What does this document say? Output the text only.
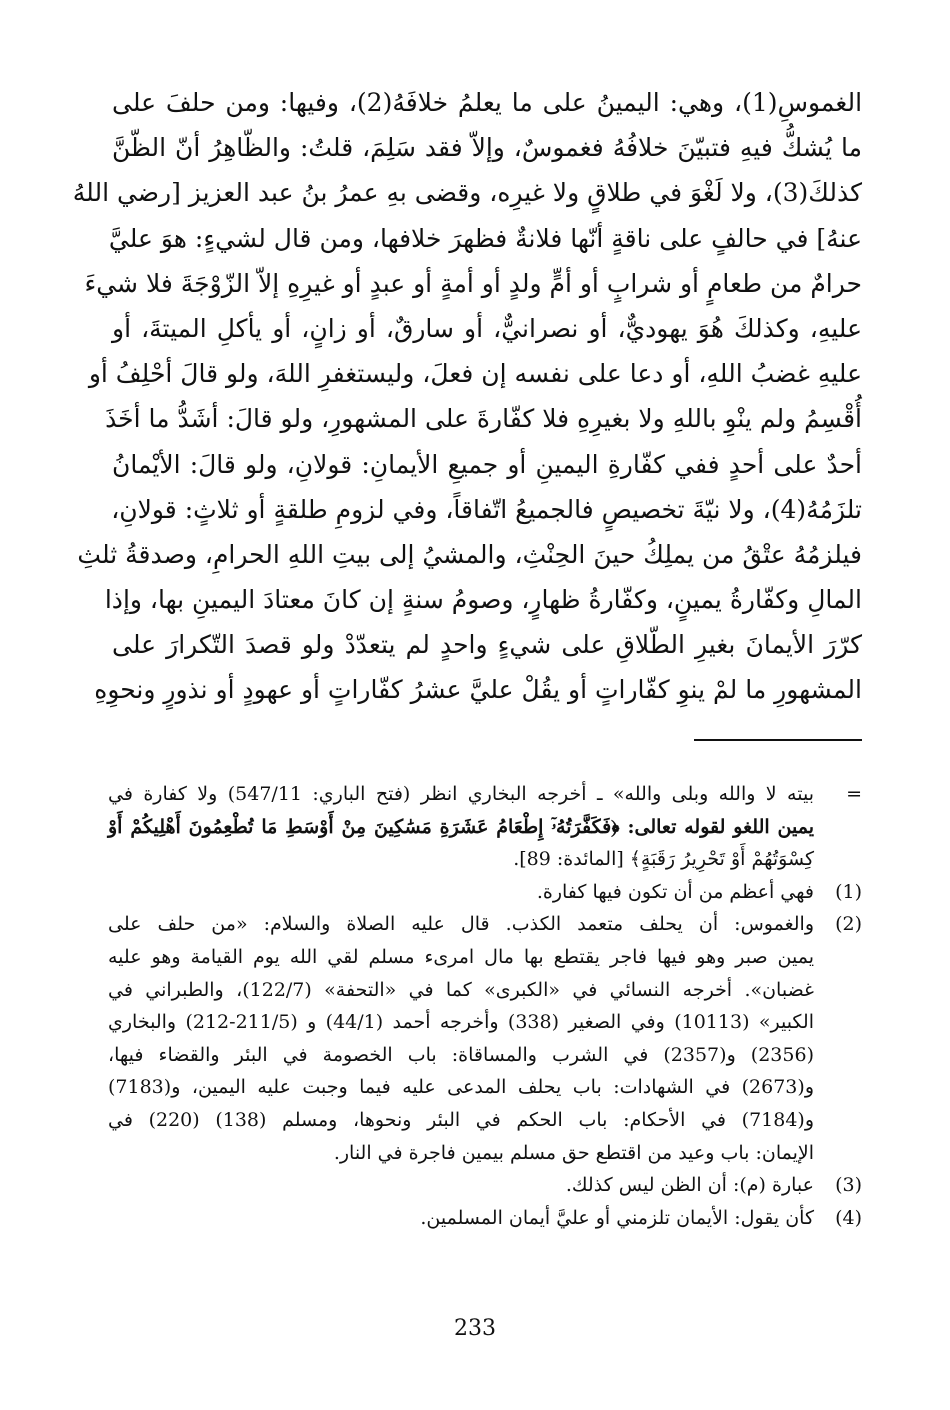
الغموسِ(1)، وهي: اليمينُ على ما يعلمُ خلافَهُ(2)، وفيها: ومن حلفَ على
ما يُشكُّ فيهِ فتبيّنَ خلافُهُ فغموسٌ، وإلاّ فقد سَلِمَ، قلتُ: والظّاهِرُ أنّ الظّنَّ
كذلكَ(3)، ولا لَغْوَ في طلاقٍ ولا غيرِه، وقضى بهِ عمرُ بنُ عبد العزيز [رضي اللهُ
عنهُ] في حالفٍ على ناقةٍ أنّها فلانةٌ فظهرَ خلافها، ومن قال لشيءٍ: هوَ عليَّ
حرامٌ من طعامٍ أو شرابٍ أو أمٍّ ولدٍ أو أمةٍ أو عبدٍ أو غيرِهِ إلاّ الزّوْجَةَ فلا شيءَ
عليهِ، وكذلكَ هُوَ يهوديٌّ، أو نصرانيٌّ، أو سارقٌ، أو زانٍ، أو يأكلِ الميتةَ، أو
عليهِ غضبُ اللهِ، أو دعا على نفسه إن فعلَ، وليستغفرِ اللهَ، ولو قالَ أحْلِفُ أو
أُقْسِمُ ولم ينْوِ باللهِ ولا بغيرِهِ فلا كفّارةَ على المشهورِ، ولو قالَ: أشَدُّ ما أخَذَ
أحدٌ على أحدٍ ففي كفّارةِ اليمينِ أو جميعِ الأيمانِ: قولانِ، ولو قالَ: الأيْمانُ
تلزَمُهُ(4)، ولا نيّةَ تخصيصٍ فالجميعُ اتّفاقاً، وفي لزومِ طلقةٍ أو ثلاثٍ: قولانِ،
فيلزمُهُ عتْقُ من يملِكُ حينَ الحِنْثِ، والمشيُ إلى بيتِ اللهِ الحرامِ، وصدقةُ ثلثِ
المالِ وكفّارةُ يمينٍ، وكفّارةُ ظهارٍ، وصومُ سنةٍ إن كانَ معتادَ اليمينِ بها، وإذا
كرّرَ الأيمانَ بغيرِ الطّلاقِ على شيءٍ واحدٍ لم يتعدّدْ ولو قصدَ التّكرارَ على
المشهورِ ما لمْ ينوِ كفّاراتٍ أو يقُلْ عليَّ عشرُ كفّاراتٍ أو عهودٍ أو نذورٍ ونحوِهِ
=
بيته لا والله وبلى والله» ـ أخرجه البخاري انظر (فتح الباري: 547/11) ولا كفارة في
يمين اللغو لقوله تعالى: ﴿فَكَفَّرَتُهُۥٓ إِطْعَامُ عَشَرَةِ مَسَٰكِينَ مِنْ أَوْسَطِ مَا تُطْعِمُونَ أَهْلِيكُمْ أَوْ
كِسْوَتُهُمْ أَوْ تَحْرِيرُ رَقَبَةٍ﴾ [المائدة: 89].
(1)
فهي أعظم من أن تكون فيها كفارة.
(2)
والغموس: أن يحلف متعمد الكذب. قال عليه الصلاة والسلام: «من حلف على
يمين صبر وهو فيها فاجر يقتطع بها مال امرىء مسلم لقي الله يوم القيامة وهو عليه
غضبان». أخرجه النسائي في «الكبرى» كما في «التحفة» (122/7)، والطبراني في
الكبير» (10113) وفي الصغير (338) وأخرجه أحمد (44/1) و (211/5-212) والبخاري
(2356) و(2357) في الشرب والمساقاة: باب الخصومة في البئر والقضاء فيها،
و(2673) في الشهادات: باب يحلف المدعى عليه فيما وجبت عليه اليمين، و(7183)
و(7184) في الأحكام: باب الحكم في البئر ونحوها، ومسلم (138) (220) في
الإيمان: باب وعيد من اقتطع حق مسلم بيمين فاجرة في النار.
(3)
عبارة (م): أن الظن ليس كذلك.
(4)
كأن يقول: الأيمان تلزمني أو عليَّ أيمان المسلمين.
233
